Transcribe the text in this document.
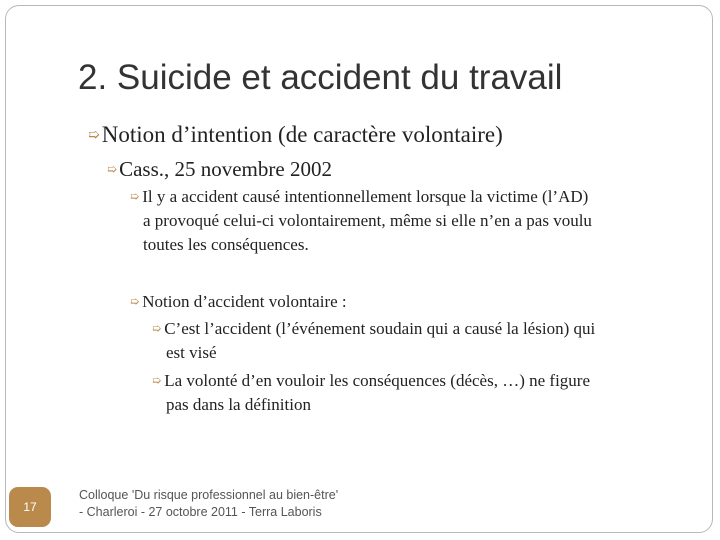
2. Suicide et accident du travail
➯Notion d’intention (de caractère volontaire)
➯Cass., 25 novembre 2002
➯ Il y a accident causé intentionnellement lorsque la victime (l’AD)
a provoqué celui-ci volontairement, même si elle n’en a pas voulu
toutes les conséquences.
➯ Notion d’accident volontaire :
➯ C’est l’accident (l’événement soudain qui a causé la lésion) qui
est visé
➯ La volonté d’en vouloir les conséquences (décès, …) ne figure
pas dans la définition
17
Colloque 'Du risque professionnel au bien-être'
- Charleroi - 27 octobre 2011 - Terra Laboris
